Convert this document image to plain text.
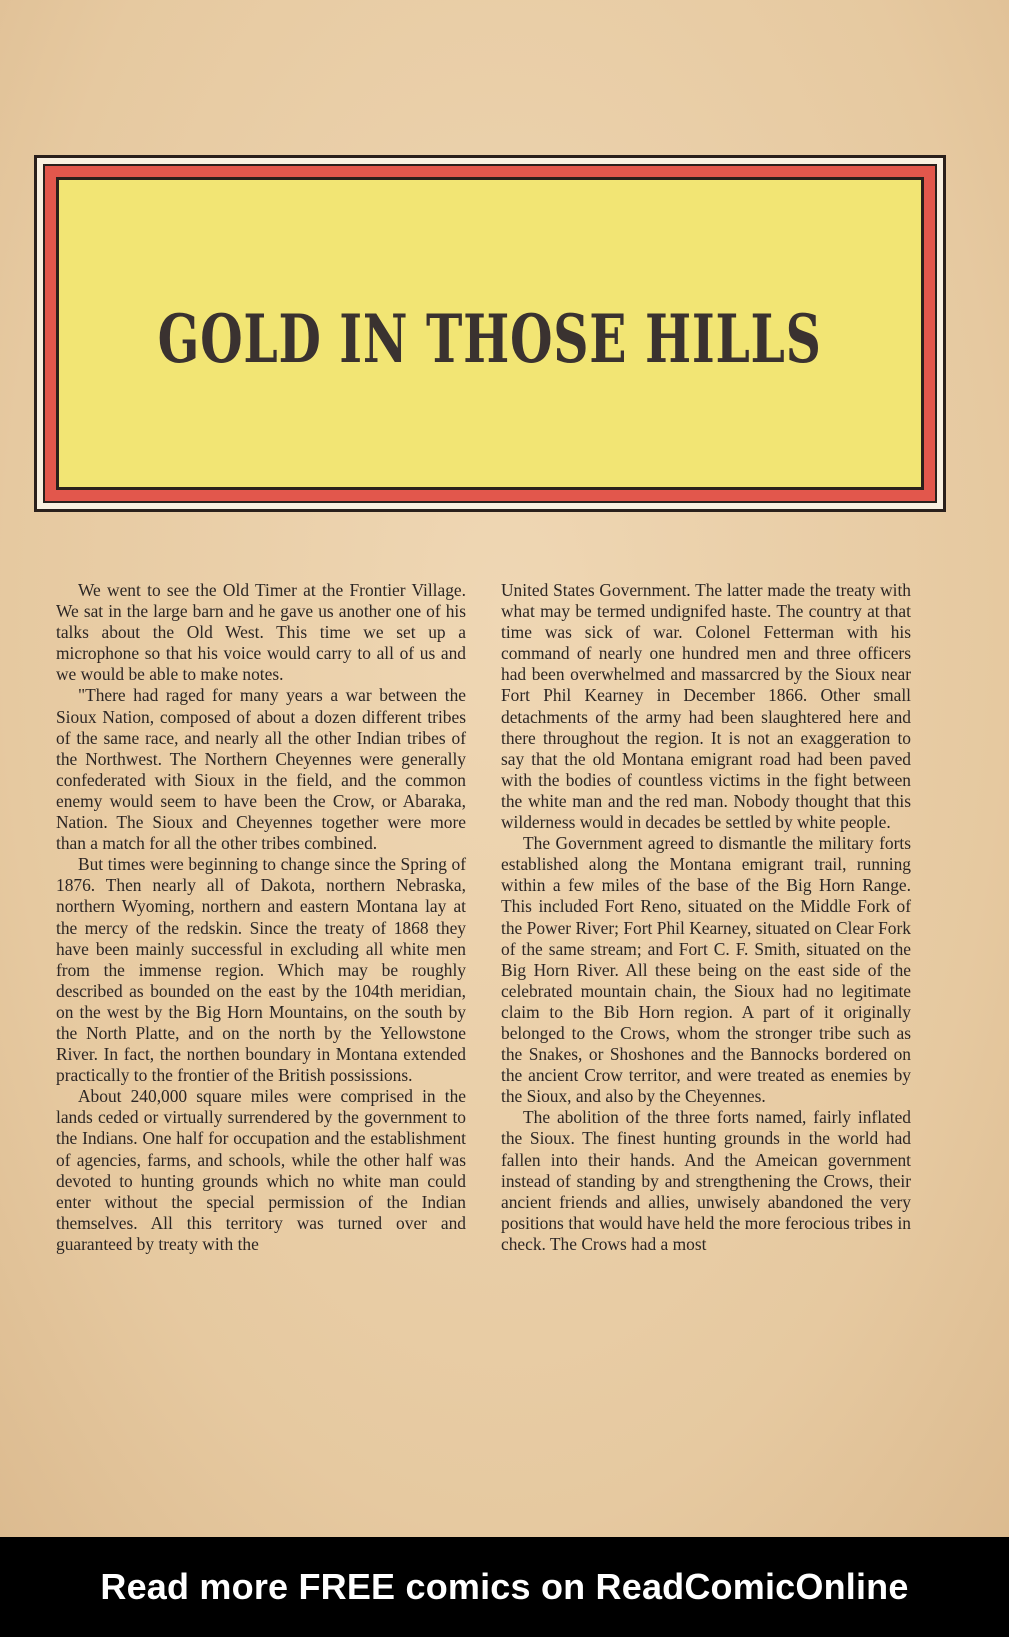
GOLD IN THOSE HILLS

We went to see the Old Timer at the Frontier Village. We sat in the large barn and he gave us another one of his talks about the Old West. This time we set up a microphone so that his voice would carry to all of us and we would be able to make notes.

"There had raged for many years a war between the Sioux Nation, composed of about a dozen different tribes of the same race, and nearly all the other Indian tribes of the Northwest. The Northern Cheyennes were generally confederated with Sioux in the field, and the common enemy would seem to have been the Crow, or Abaraka, Nation. The Sioux and Cheyennes together were more than a match for all the other tribes combined.

But times were beginning to change since the Spring of 1876. Then nearly all of Dakota, northern Nebraska, northern Wyoming, northern and eastern Montana lay at the mercy of the redskin. Since the treaty of 1868 they have been mainly successful in excluding all white men from the immense region. Which may be roughly described as bounded on the east by the 104th meridian, on the west by the Big Horn Mountains, on the south by the North Platte, and on the north by the Yellowstone River. In fact, the northen boundary in Montana extended practically to the frontier of the British possissions.

About 240,000 square miles were comprised in the lands ceded or virtually surrendered by the government to the Indians. One half for occupation and the establishment of agencies, farms, and schools, while the other half was devoted to hunting grounds which no white man could enter without the special permission of the Indian themselves. All this territory was turned over and guaranteed by treaty with the

United States Government. The latter made the treaty with what may be termed undignifed haste. The country at that time was sick of war. Colonel Fetterman with his command of nearly one hundred men and three officers had been overwhelmed and massarcred by the Sioux near Fort Phil Kearney in December 1866. Other small detachments of the army had been slaughtered here and there throughout the region. It is not an exaggeration to say that the old Montana emigrant road had been paved with the bodies of countless victims in the fight between the white man and the red man. Nobody thought that this wilderness would in decades be settled by white people.

The Government agreed to dismantle the military forts established along the Montana emigrant trail, running within a few miles of the base of the Big Horn Range. This included Fort Reno, situated on the Middle Fork of the Power River; Fort Phil Kearney, situated on Clear Fork of the same stream; and Fort C. F. Smith, situated on the Big Horn River. All these being on the east side of the celebrated mountain chain, the Sioux had no legitimate claim to the Bib Horn region. A part of it originally belonged to the Crows, whom the stronger tribe such as the Snakes, or Shoshones and the Bannocks bordered on the ancient Crow territor, and were treated as enemies by the Sioux, and also by the Cheyennes.

The abolition of the three forts named, fairly inflated the Sioux. The finest hunting grounds in the world had fallen into their hands. And the Ameican government instead of standing by and strengthening the Crows, their ancient friends and allies, unwisely abandoned the very positions that would have held the more ferocious tribes in check. The Crows had a most

Read more FREE comics on ReadComicOnline
